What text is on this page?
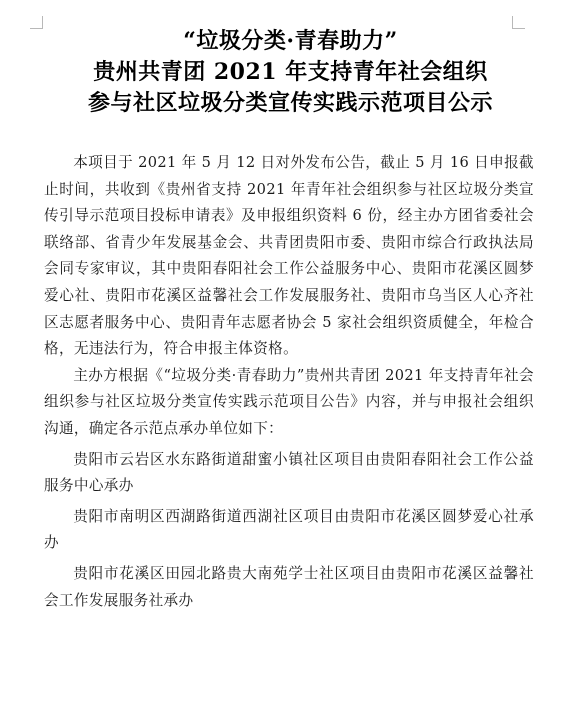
“垃圾分类·青春助力”
贵州共青团 2021 年支持青年社会组织
参与社区垃圾分类宣传实践示范项目公示

本项目于 2021 年 5 月 12 日对外发布公告，截止 5 月 16 日申报截止时间，共收到《贵州省支持 2021 年青年社会组织参与社区垃圾分类宣传引导示范项目投标申请表》及申报组织资料 6 份，经主办方团省委社会联络部、省青少年发展基金会、共青团贵阳市委、贵阳市综合行政执法局会同专家审议，其中贵阳春阳社会工作公益服务中心、贵阳市花溪区圆梦爱心社、贵阳市花溪区益馨社会工作发展服务社、贵阳市乌当区人心齐社区志愿者服务中心、贵阳青年志愿者协会 5 家社会组织资质健全，年检合格，无违法行为，符合申报主体资格。

主办方根据《“垃圾分类·青春助力”贵州共青团 2021 年支持青年社会组织参与社区垃圾分类宣传实践示范项目公告》内容，并与申报社会组织沟通，确定各示范点承办单位如下：

贵阳市云岩区水东路街道甜蜜小镇社区项目由贵阳春阳社会工作公益服务中心承办

贵阳市南明区西湖路街道西湖社区项目由贵阳市花溪区圆梦爱心社承办

贵阳市花溪区田园北路贵大南苑学士社区项目由贵阳市花溪区益馨社会工作发展服务社承办
